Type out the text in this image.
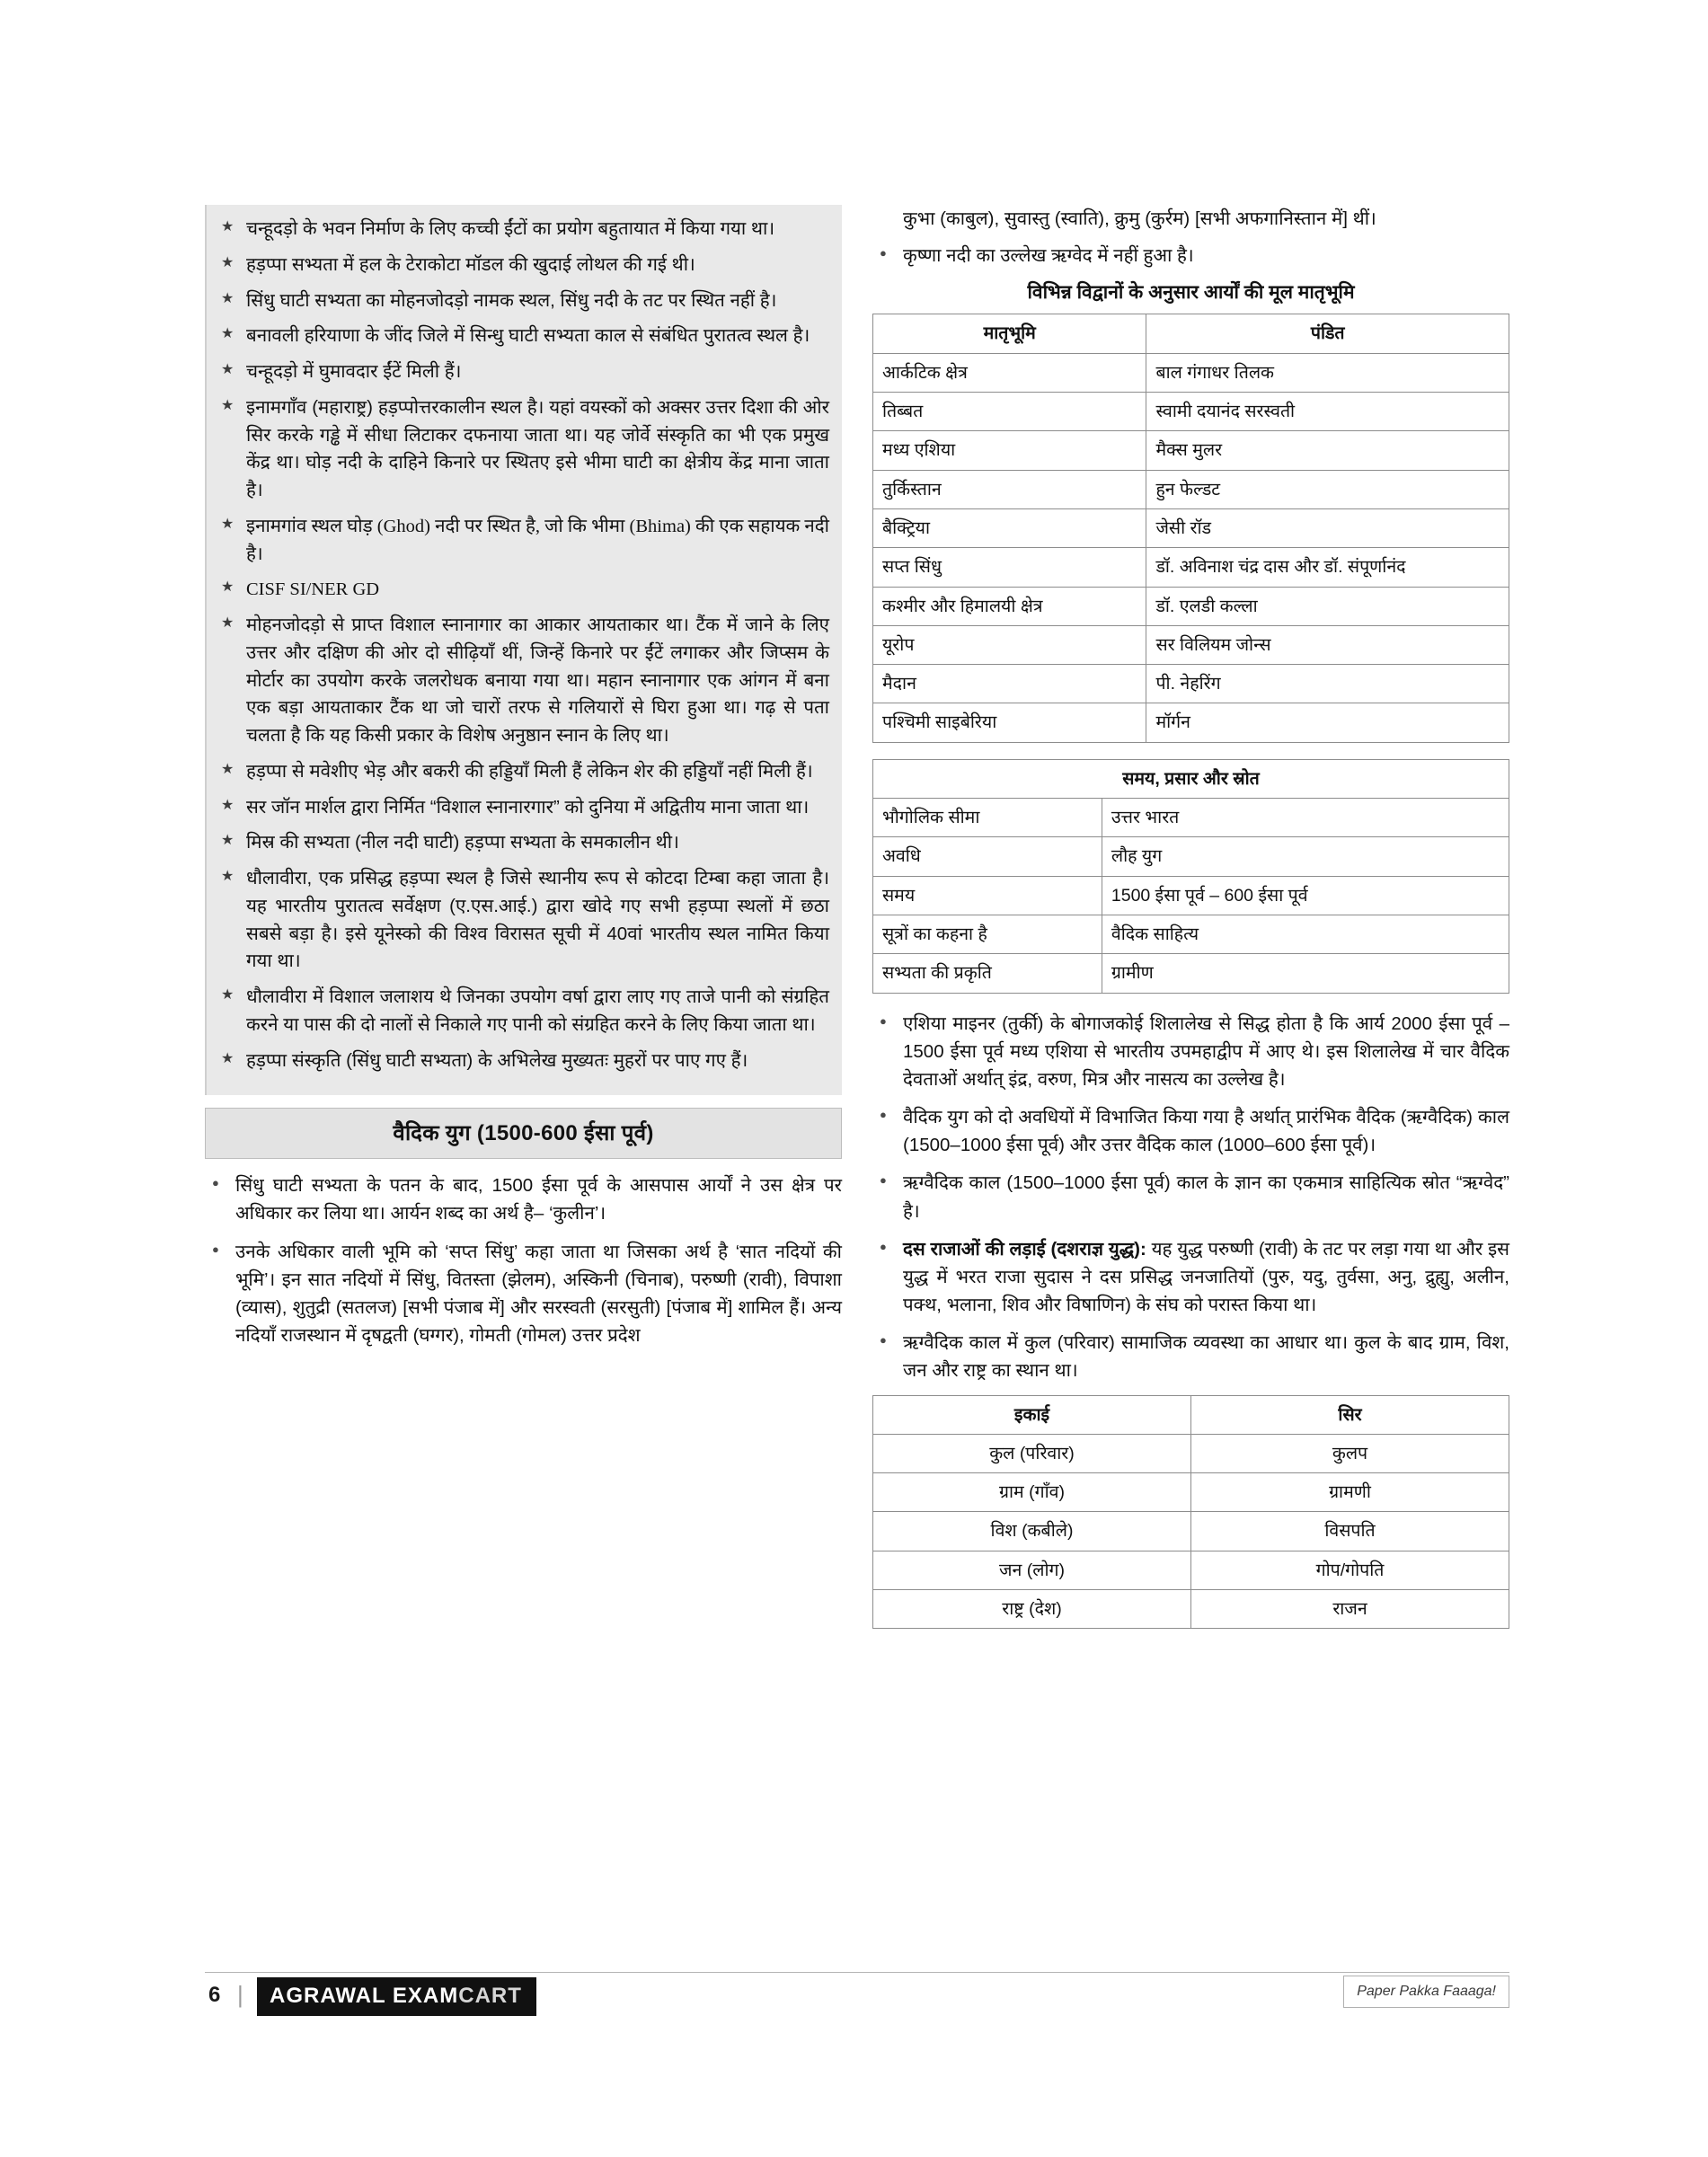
★ चन्हूदड़ो के भवन निर्माण के लिए कच्ची ईंटों का प्रयोग बहुतायात में किया गया था।
★ हड़प्पा सभ्यता में हल के टेराकोटा मॉडल की खुदाई लोथल की गई थी।
★ सिंधु घाटी सभ्यता का मोहनजोदड़ो नामक स्थल, सिंधु नदी के तट पर स्थित नहीं है।
★ बनावली हरियाणा के जींद जिले में सिन्धु घाटी सभ्यता काल से संबंधित पुरातत्व स्थल है।
★ चन्हूदड़ो में घुमावदार ईंटें मिली हैं।
★ इनामगाँव (महाराष्ट्र) हड़प्पोत्तरकालीन स्थल है। यहां वयस्कों को अक्सर उत्तर दिशा की ओर सिर करके गड्ढे में सीधा लिटाकर दफनाया जाता था। यह जोर्वे संस्कृति का भी एक प्रमुख केंद्र था। घोड़ नदी के दाहिने किनारे पर स्थितए इसे भीमा घाटी का क्षेत्रीय केंद्र माना जाता है।
★ इनामगांव स्थल घोड़ (Ghod) नदी पर स्थित है, जो कि भीमा (Bhima) की एक सहायक नदी है।
★ CISF SI/NER GD
★ मोहनजोदड़ो से प्राप्त विशाल स्नानागार का आकार आयताकार था। टैंक में जाने के लिए उत्तर और दक्षिण की ओर दो सीढ़ियाँ थीं, जिन्हें किनारे पर ईंटें लगाकर और जिप्सम के मोर्टार का उपयोग करके जलरोधक बनाया गया था। महान स्नानागार एक आंगन में बना एक बड़ा आयताकार टैंक था जो चारों तरफ से गलियारों से घिरा हुआ था। गढ़ से पता चलता है कि यह किसी प्रकार के विशेष अनुष्ठान स्नान के लिए था।
★ हड़प्पा से मवेशीए भेड़ और बकरी की हड्डियाँ मिली हैं लेकिन शेर की हड्डियाँ नहीं मिली हैं।
★ सर जॉन मार्शल द्वारा निर्मित “विशाल स्नानारगार” को दुनिया में अद्वितीय माना जाता था।
★ मिस्र की सभ्यता (नील नदी घाटी) हड़प्पा सभ्यता के समकालीन थी।
★ धौलावीरा, एक प्रसिद्ध हड़प्पा स्थल है जिसे स्थानीय रूप से कोटदा टिम्बा कहा जाता है। यह भारतीय पुरातत्व सर्वेक्षण (ए.एस.आई.) द्वारा खोदे गए सभी हड़प्पा स्थलों में छठा सबसे बड़ा है। इसे यूनेस्को की विश्व विरासत सूची में 40वां भारतीय स्थल नामित किया गया था।
★ धौलावीरा में विशाल जलाशय थे जिनका उपयोग वर्षा द्वारा लाए गए ताजे पानी को संग्रहित करने या पास की दो नालों से निकाले गए पानी को संग्रहित करने के लिए किया जाता था।
★ हड़प्पा संस्कृति (सिंधु घाटी सभ्यता) के अभिलेख मुख्यतः मुहरों पर पाए गए हैं।
वैदिक युग (1500-600 ईसा पूर्व)
● सिंधु घाटी सभ्यता के पतन के बाद, 1500 ईसा पूर्व के आसपास आर्यों ने उस क्षेत्र पर अधिकार कर लिया था। आर्यन शब्द का अर्थ है– ‘कुलीन’।
● उनके अधिकार वाली भूमि को ‘सप्त सिंधु’ कहा जाता था जिसका अर्थ है ‘सात नदियों की भूमि’। इन सात नदियों में सिंधु, वितस्ता (झेलम), अस्किनी (चिनाब), परुष्णी (रावी), विपाशा (व्यास), शुतुद्री (सतलज) [सभी पंजाब में] और सरस्वती (सरसुती) [पंजाब में] शामिल हैं। अन्य नदियाँ राजस्थान में दृषद्वती (घग्गर), गोमती (गोमल) उत्तर प्रदेश
कुभा (काबुल), सुवास्तु (स्वाति), क्रुमु (कुर्रम) [सभी अफगानिस्तान में] थीं।
● कृष्णा नदी का उल्लेख ऋग्वेद में नहीं हुआ है।
विभिन्न विद्वानों के अनुसार आर्यों की मूल मातृभूमि
मातृभूमि	पंडित
आर्कटिक क्षेत्र	बाल गंगाधर तिलक
तिब्बत	स्वामी दयानंद सरस्वती
मध्य एशिया	मैक्स मुलर
तुर्किस्तान	हुन फेल्डट
बैक्ट्रिया	जेसी रॉड
सप्त सिंधु	डॉ. अविनाश चंद्र दास और डॉ. संपूर्णानंद
कश्मीर और हिमालयी क्षेत्र	डॉ. एलडी कल्ला
यूरोप	सर विलियम जोन्स
मैदान	पी. नेहरिंग
पश्चिमी साइबेरिया	मॉर्गन
समय, प्रसार और स्रोत	
भौगोलिक सीमा	उत्तर भारत
अवधि	लौह युग
समय	1500 ईसा पूर्व – 600 ईसा पूर्व
सूत्रों का कहना है	वैदिक साहित्य
सभ्यता की प्रकृति	ग्रामीण
● एशिया माइनर (तुर्की) के बोगाजकोई शिलालेख से सिद्ध होता है कि आर्य 2000 ईसा पूर्व – 1500 ईसा पूर्व मध्य एशिया से भारतीय उपमहाद्वीप में आए थे। इस शिलालेख में चार वैदिक देवताओं अर्थात् इंद्र, वरुण, मित्र और नासत्य का उल्लेख है।
● वैदिक युग को दो अवधियों में विभाजित किया गया है अर्थात् प्रारंभिक वैदिक (ऋग्वैदिक) काल (1500–1000 ईसा पूर्व) और उत्तर वैदिक काल (1000–600 ईसा पूर्व)।
● ऋग्वैदिक काल (1500–1000 ईसा पूर्व) काल के ज्ञान का एकमात्र साहित्यिक स्रोत “ऋग्वेद” है।
● दस राजाओं की लड़ाई (दशराज्ञ युद्ध): यह युद्ध परुष्णी (रावी) के तट पर लड़ा गया था और इस युद्ध में भरत राजा सुदास ने दस प्रसिद्ध जनजातियों (पुरु, यदु, तुर्वसा, अनु, द्रुह्यु, अलीन, पक्थ, भलाना, शिव और विषाणिन) के संघ को परास्त किया था।
● ऋग्वैदिक काल में कुल (परिवार) सामाजिक व्यवस्था का आधार था। कुल के बाद ग्राम, विश, जन और राष्ट्र का स्थान था।
इकाई	सिर
कुल (परिवार)	कुलप
ग्राम (गाँव)	ग्रामणी
विश (कबीले)	विसपति
जन (लोग)	गोप/गोपति
राष्ट्र (देश)	राजन
6 |	AGRAWAL EXAMCART	Paper Pakka Faaaga!
